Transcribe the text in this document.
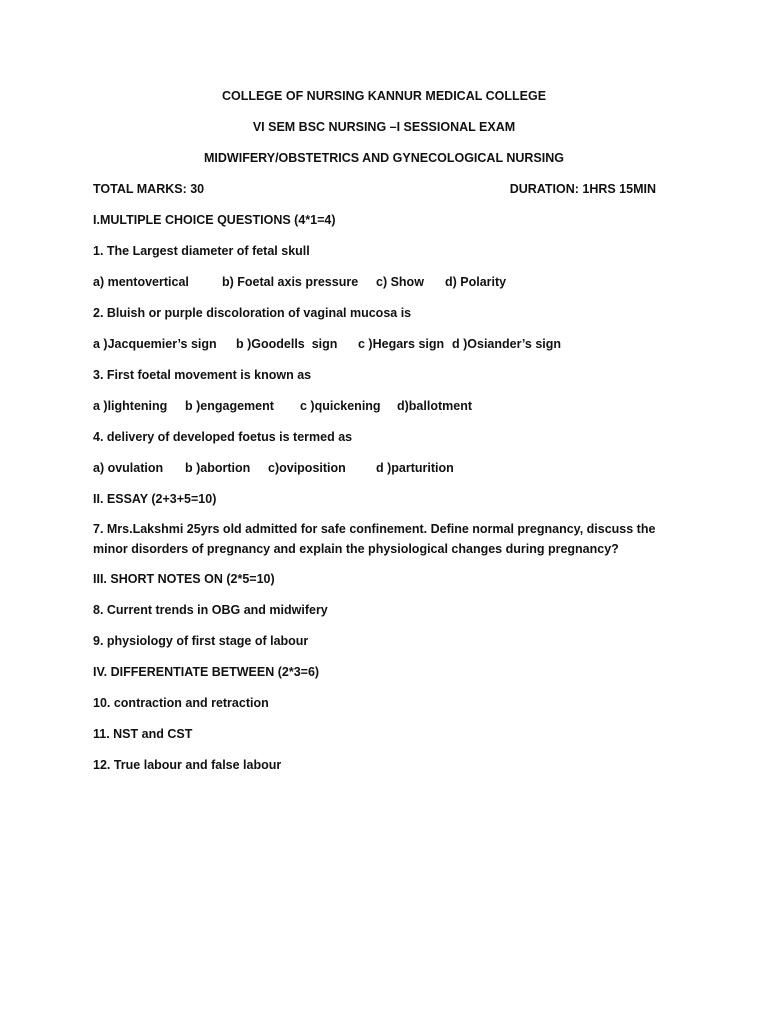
COLLEGE OF NURSING KANNUR MEDICAL COLLEGE
VI SEM BSC NURSING –I SESSIONAL EXAM
MIDWIFERY/OBSTETRICS AND GYNECOLOGICAL NURSING
TOTAL MARKS: 30	DURATION: 1HRS 15MIN
I.MULTIPLE CHOICE QUESTIONS (4*1=4)
1. The Largest diameter of fetal skull
a) mentovertical	b) Foetal axis pressure c) Show d) Polarity
2. Bluish or purple discoloration of vaginal mucosa is
a )Jacquemier’s sign b )Goodells  sign c )Hegars sign d )Osiander’s sign
3. First foetal movement is known as
a )lightening b )engagement c )quickening d)ballotment
4. delivery of developed foetus is termed as
a) ovulation b )abortion c)oviposition d )parturition
II. ESSAY (2+3+5=10)
7. Mrs.Lakshmi 25yrs old admitted for safe confinement. Define normal pregnancy, discuss the
minor disorders of pregnancy and explain the physiological changes during pregnancy?
III. SHORT NOTES ON (2*5=10)
8. Current trends in OBG and midwifery
9. physiology of first stage of labour
IV. DIFFERENTIATE BETWEEN (2*3=6)
10. contraction and retraction
11. NST and CST
12. True labour and false labour
